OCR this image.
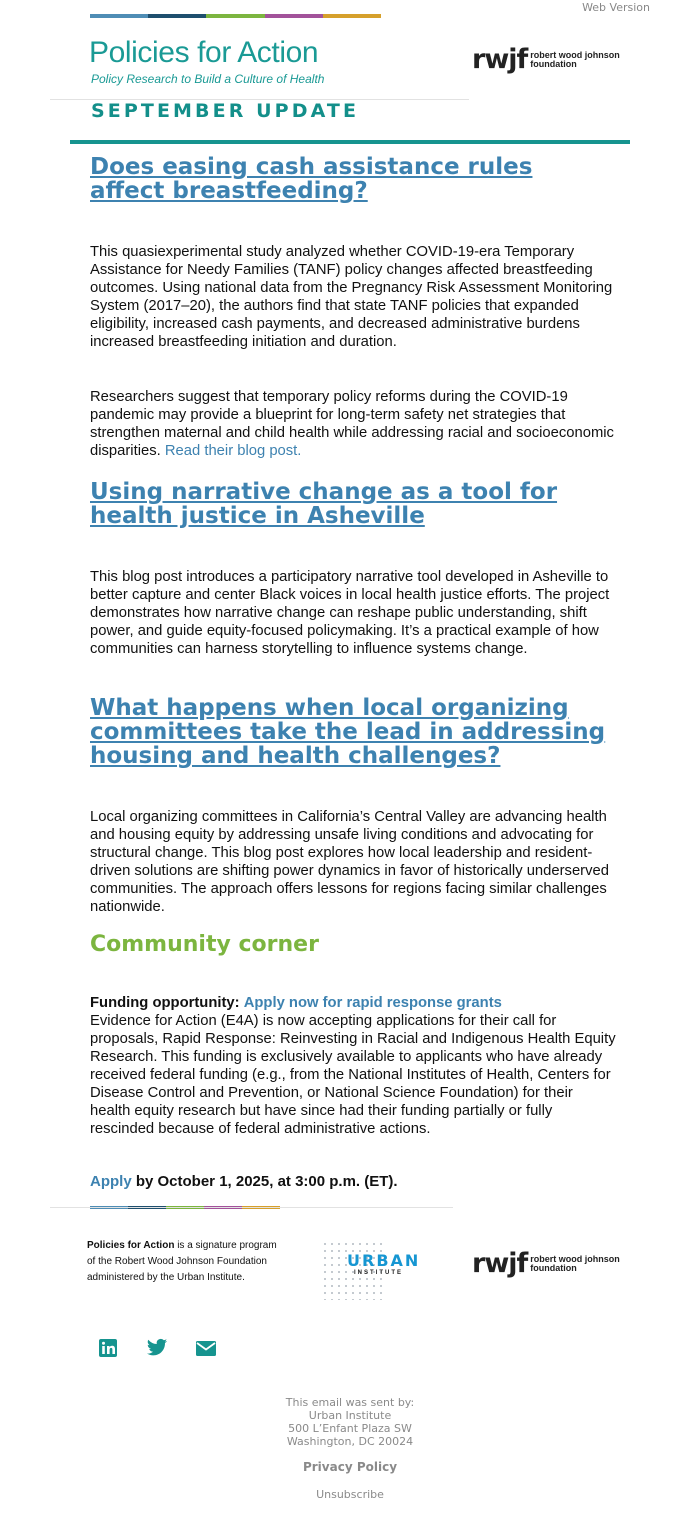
Web Version
Policies for Action
Policy Research to Build a Culture of Health
rwjf robert wood johnson
foundation
SEPTEMBER UPDATE
Does easing cash assistance rules affect breastfeeding?
This quasiexperimental study analyzed whether COVID-19-era Temporary Assistance for Needy Families (TANF) policy changes affected breastfeeding outcomes. Using national data from the Pregnancy Risk Assessment Monitoring System (2017–20), the authors find that state TANF policies that expanded eligibility, increased cash payments, and decreased administrative burdens increased breastfeeding initiation and duration.
Researchers suggest that temporary policy reforms during the COVID-19 pandemic may provide a blueprint for long-term safety net strategies that strengthen maternal and child health while addressing racial and socioeconomic disparities. Read their blog post.
Using narrative change as a tool for health justice in Asheville
This blog post introduces a participatory narrative tool developed in Asheville to better capture and center Black voices in local health justice efforts. The project demonstrates how narrative change can reshape public understanding, shift power, and guide equity-focused policymaking. It’s a practical example of how communities can harness storytelling to influence systems change.
What happens when local organizing committees take the lead in addressing housing and health challenges?
Local organizing committees in California’s Central Valley are advancing health and housing equity by addressing unsafe living conditions and advocating for structural change. This blog post explores how local leadership and resident-driven solutions are shifting power dynamics in favor of historically underserved communities. The approach offers lessons for regions facing similar challenges nationwide.
Community corner
Funding opportunity: Apply now for rapid response grants
Evidence for Action (E4A) is now accepting applications for their call for proposals, Rapid Response: Reinvesting in Racial and Indigenous Health Equity Research. This funding is exclusively available to applicants who have already received federal funding (e.g., from the National Institutes of Health, Centers for Disease Control and Prevention, or National Science Foundation) for their health equity research but have since had their funding partially or fully rescinded because of federal administrative actions.
Apply by October 1, 2025, at 3:00 p.m. (ET).
Policies for Action is a signature program of the Robert Wood Johnson Foundation administered by the Urban Institute.
URBAN
INSTITUTE	rwjf robert wood johnson
foundation
This email was sent by:
Urban Institute
500 L’Enfant Plaza SW
Washington, DC 20024
Privacy Policy
Unsubscribe
